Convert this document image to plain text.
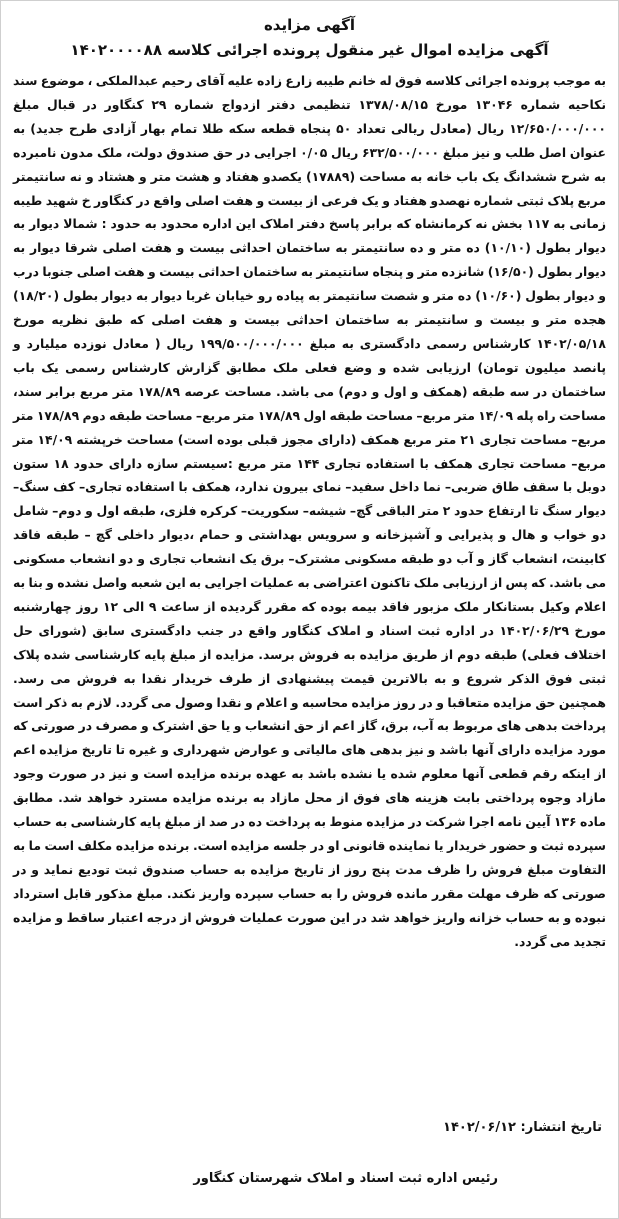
آگهی مزایده
آگهی مزایده اموال غیر منقول پرونده اجرائی کلاسه ۱۴۰۲۰۰۰۰۸۸
به موجب پرونده اجرائی کلاسه فوق له خانم طیبه زارع زاده علیه آقای رحیم عبدالملکی ، موضوع سند نکاحیه شماره ۱۳۰۴۶ مورخ ۱۳۷۸/۰۸/۱۵ تنظیمی دفتر ازدواج شماره ۲۹ کنگاور در قبال مبلغ ۱۲/۶۵۰/۰۰۰/۰۰۰ ریال (معادل ریالی تعداد ۵۰ پنجاه قطعه سکه طلا تمام بهار آزادی طرح جدید) به عنوان اصل طلب و نیز مبلغ ۶۳۲/۵۰۰/۰۰۰ ریال ۰/۰۵ اجرایی در حق صندوق دولت، ملک مدون نامبرده به شرح ششدانگ یک باب خانه به مساحت (۱۷۸۸۹) یکصدو هفتاد و هشت متر و هشتاد و نه سانتیمتر مربع پلاک ثبتی شماره نهصدو هفتاد و یک فرعی از بیست و هفت اصلی واقع در کنگاور خ شهید طیبه زمانی به ۱۱۷ بخش نه کرمانشاه که برابر پاسخ دفتر املاک این اداره محدود به حدود : شمالا دیوار به دیوار بطول (۱۰/۱۰) ده متر و ده سانتیمتر به ساختمان احداثی بیست و هفت اصلی شرقا دیوار به دیوار بطول (۱۶/۵۰) شانزده متر و پنجاه سانتیمتر به ساختمان احداثی بیست و هفت اصلی جنوبا درب و دیوار بطول (۱۰/۶۰) ده متر و شصت سانتیمتر به پیاده رو خیابان غربا دیوار به دیوار بطول (۱۸/۲۰) هجده متر و بیست و سانتیمتر به ساختمان احداثی بیست و هفت اصلی که طبق نظریه مورخ ۱۴۰۲/۰۵/۱۸ کارشناس رسمی دادگستری به مبلغ ۱۹۹/۵۰۰/۰۰۰/۰۰۰ ریال ( معادل نوزده میلیارد و پانصد میلیون تومان) ارزیابی شده و وضع فعلی ملک مطابق گزارش کارشناس رسمی یک باب ساختمان در سه طبقه (همکف و اول و دوم) می باشد. مساحت عرصه ۱۷۸/۸۹ متر مربع برابر سند، مساحت راه پله ۱۴/۰۹ متر مربع– مساحت طبقه اول ۱۷۸/۸۹ متر مربع– مساحت طبقه دوم ۱۷۸/۸۹ متر مربع– مساحت تجاری ۲۱ متر مربع همکف (دارای مجوز قبلی بوده است) مساحت خرپشته ۱۴/۰۹ متر مربع– مساحت تجاری همکف با استفاده تجاری ۱۴۴ متر مربع :سیستم سازه دارای حدود ۱۸ ستون دوبل با سقف طاق ضربی– نما داخل سفید– نمای بیرون ندارد، همکف با استفاده تجاری– کف سنگ– دیوار سنگ تا ارتفاع حدود ۲ متر الباقی گچ– شیشه– سکوریت– کرکره فلزی، طبقه اول و دوم– شامل دو خواب و هال و پذیرایی و آشپزخانه و سرویس بهداشتی و حمام ،دیوار داخلی گچ – طبقه فاقد کابینت، انشعاب گاز و آب دو طبقه مسکونی مشترک– برق یک انشعاب تجاری و دو انشعاب مسکونی می باشد. که پس از ارزیابی ملک تاکنون اعتراضی به عملیات اجرایی به این شعبه واصل نشده و بنا به اعلام وکیل بستانکار ملک مزبور فاقد بیمه بوده که مقرر گردیده از ساعت ۹ الی ۱۲ روز چهارشنبه مورخ ۱۴۰۲/۰۶/۲۹ در اداره ثبت اسناد و املاک کنگاور واقع در جنب دادگستری سابق (شورای حل اختلاف فعلی) طبقه دوم از طریق مزایده به فروش برسد. مزایده از مبلغ پایه کارشناسی شده پلاک ثبتی فوق الذکر شروع و به بالاترین قیمت پیشنهادی از طرف خریدار نقدا به فروش می رسد. همچنین حق مزایده متعاقبا و در روز مزایده محاسبه و اعلام و نقدا وصول می گردد. لازم به ذکر است پرداخت بدهی های مربوط به آب، برق، گاز اعم از حق انشعاب و یا حق اشترک و مصرف در صورتی که مورد مزایده دارای آنها باشد و نیز بدهی های مالیاتی و عوارض شهرداری و غیره تا تاریخ مزایده اعم از اینکه رقم قطعی آنها معلوم شده یا نشده باشد به عهده برنده مزایده است و نیز در صورت وجود مازاد وجوه پرداختی بابت هزینه های فوق از محل مازاد به برنده مزایده مسترد خواهد شد. مطابق ماده ۱۳۶ آیین نامه اجرا شرکت در مزایده منوط به پرداخت ده در صد از مبلغ پایه کارشناسی به حساب سپرده ثبت و حضور خریدار یا نماینده قانونی او در جلسه مزایده است. برنده مزایده مکلف است ما به التفاوت مبلغ فروش را ظرف مدت پنج روز از تاریخ مزایده به حساب صندوق ثبت تودیع نماید و در صورتی که ظرف مهلت مقرر مانده فروش را به حساب سپرده واریز نکند. مبلغ مذکور قابل استرداد نبوده و به حساب خزانه واریز خواهد شد در این صورت عملیات فروش از درجه اعتبار ساقط و مزایده تجدید می گردد.
تاریخ انتشار: ۱۴۰۲/۰۶/۱۲
رئیس اداره ثبت اسناد و املاک شهرستان کنگاور
